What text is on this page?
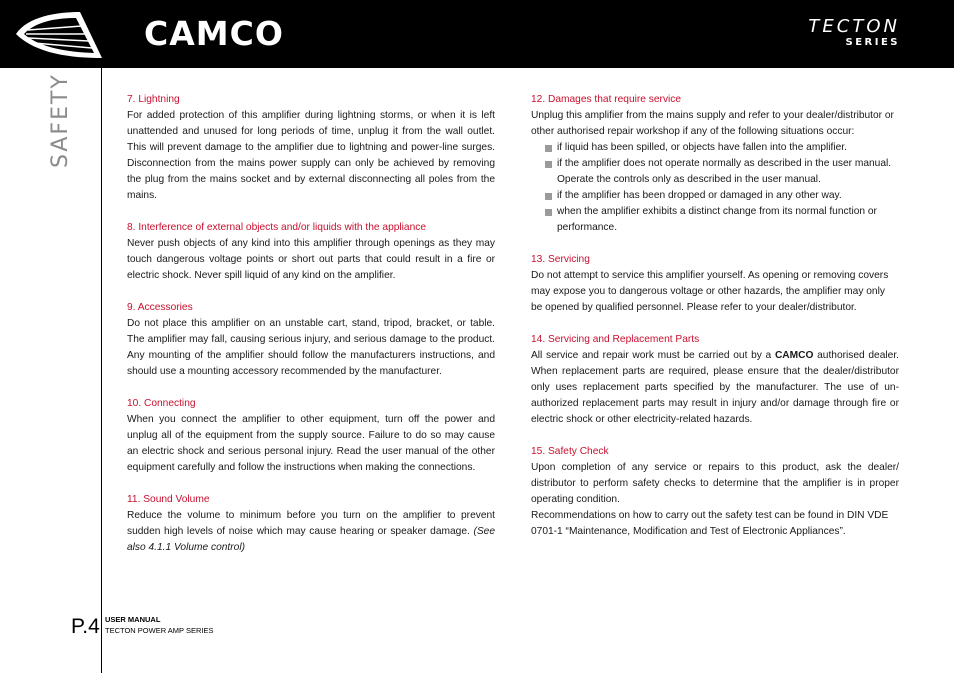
CAMCO	TECTON
SERIES
SAFETY
P.4 USER MANUAL
TECTON POWER AMP SERIES
7. Lightning
For added protection of this amplifier during lightning storms, or when it is left unattended and unused for long periods of time, unplug it from the wall outlet. This will prevent damage to the amplifier due to lightning and power-line surges. Disconnection from the mains power supply can only be achieved by removing the plug from the mains socket and by external disconnecting all poles from the mains.
8. Interference of external objects and/or liquids with the appliance
Never push objects of any kind into this amplifier through openings as they may touch dangerous voltage points or short out parts that could result in a fire or electric shock. Never spill liquid of any kind on the amplifier.
9. Accessories
Do not place this amplifier on an unstable cart, stand, tripod, bracket, or table. The amplifier may fall, causing serious injury, and serious damage to the product. Any mounting of the amplifier should follow the manufacturers instructions, and should use a mounting accessory recommended by the manufacturer.
10. Connecting
When you connect the amplifier to other equipment, turn off the power and unplug all of the equipment from the supply source. Failure to do so may cause an electric shock and serious personal injury. Read the user manual of the other equipment carefully and follow the instructions when making the connections.
11. Sound Volume
Reduce the volume to minimum before you turn on the amplifier to prevent sudden high levels of noise which may cause hearing or speaker damage. (See also 4.1.1 Volume control)
12. Damages that require service
Unplug this amplifier from the mains supply and refer to your dealer/distributor or other authorised repair workshop if any of the following situations occur:
if liquid has been spilled, or objects have fallen into the amplifier.
if the amplifier does not operate normally as described in the user manual. Operate the controls only as described in the user manual.
if the amplifier has been dropped or damaged in any other way.
when the amplifier exhibits a distinct change from its normal function or performance.
13. Servicing
Do not attempt to service this amplifier yourself. As opening or removing covers may expose you to dangerous voltage or other hazards, the amplifier may only be opened by qualified personnel. Please refer to your dealer/distributor.
14. Servicing and Replacement Parts
All service and repair work must be carried out by a CAMCO authorised dealer. When replacement parts are required, please ensure that the dealer/distributor only uses replacement parts specified by the manufacturer. The use of un-authorized replacement parts may result in injury and/or damage through fire or electric shock or other electricity-related hazards.
15. Safety Check
Upon completion of any service or repairs to this product, ask the dealer/ distributor to perform safety checks to determine that the amplifier is in proper operating condition.
Recommendations on how to carry out the safety test can be found in DIN VDE 0701-1 “Maintenance, Modification and Test of Electronic Appliances”.
